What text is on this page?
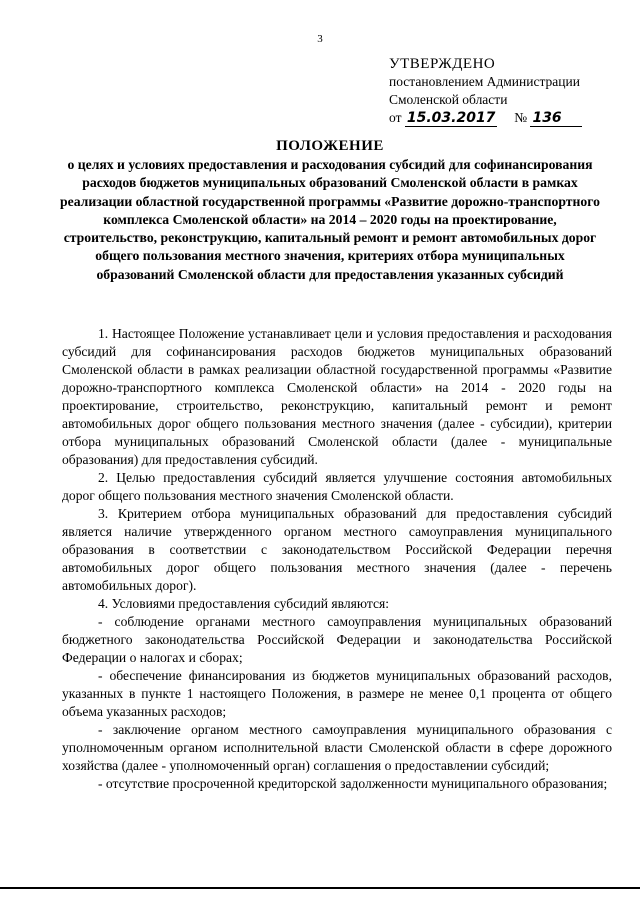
3
УТВЕРЖДЕНО
постановлением Администрации
Смоленской области
от 15.03.2017 № 136
ПОЛОЖЕНИЕ
о целях и условиях предоставления и расходования субсидий для софинансирования расходов бюджетов муниципальных образований Смоленской области в рамках реализации областной государственной программы «Развитие дорожно-транспортного комплекса Смоленской области» на 2014 – 2020 годы на проектирование, строительство, реконструкцию, капитальный ремонт и ремонт автомобильных дорог общего пользования местного значения, критериях отбора муниципальных образований Смоленской области для предоставления указанных субсидий

1. Настоящее Положение устанавливает цели и условия предоставления и расходования субсидий для софинансирования расходов бюджетов муниципальных образований Смоленской области в рамках реализации областной государственной программы «Развитие дорожно-транспортного комплекса Смоленской области» на 2014 - 2020 годы на проектирование, строительство, реконструкцию, капитальный ремонт и ремонт автомобильных дорог общего пользования местного значения (далее - субсидии), критерии отбора муниципальных образований Смоленской области (далее - муниципальные образования) для предоставления субсидий.

2. Целью предоставления субсидий является улучшение состояния автомобильных дорог общего пользования местного значения Смоленской области.

3. Критерием отбора муниципальных образований для предоставления субсидий является наличие утвержденного органом местного самоуправления муниципального образования в соответствии с законодательством Российской Федерации перечня автомобильных дорог общего пользования местного значения (далее - перечень автомобильных дорог).

4. Условиями предоставления субсидий являются:

- соблюдение органами местного самоуправления муниципальных образований бюджетного законодательства Российской Федерации и законодательства Российской Федерации о налогах и сборах;

- обеспечение финансирования из бюджетов муниципальных образований расходов, указанных в пункте 1 настоящего Положения, в размере не менее 0,1 процента от общего объема указанных расходов;

- заключение органом местного самоуправления муниципального образования с уполномоченным органом исполнительной власти Смоленской области в сфере дорожного хозяйства (далее - уполномоченный орган) соглашения о предоставлении субсидий;

- отсутствие просроченной кредиторской задолженности муниципального образования;
